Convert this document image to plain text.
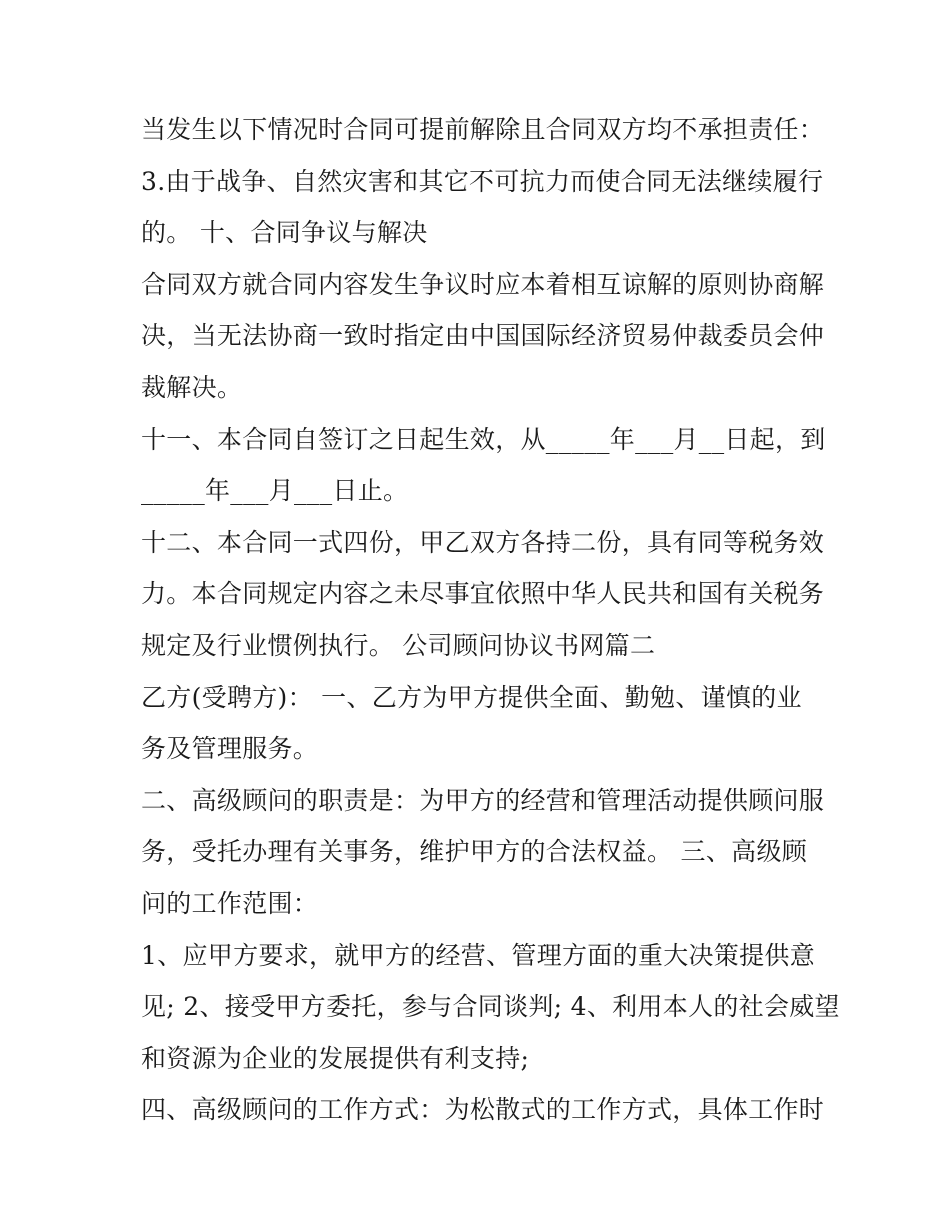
当发生以下情况时合同可提前解除且合同双方均不承担责任：
3.由于战争、自然灾害和其它不可抗力而使合同无法继续履行
的。 十、合同争议与解决
合同双方就合同内容发生争议时应本着相互谅解的原则协商解
决，当无法协商一致时指定由中国国际经济贸易仲裁委员会仲
裁解决。
十一、本合同自签订之日起生效，从_____年___月__日起，到
_____年___月___日止。
十二、本合同一式四份，甲乙双方各持二份，具有同等税务效
力。本合同规定内容之未尽事宜依照中华人民共和国有关税务
规定及行业惯例执行。 公司顾问协议书网篇二
乙方(受聘方)： 一、乙方为甲方提供全面、勤勉、谨慎的业
务及管理服务。
二、高级顾问的职责是：为甲方的经营和管理活动提供顾问服
务，受托办理有关事务，维护甲方的合法权益。 三、高级顾
问的工作范围：
1、应甲方要求，就甲方的经营、管理方面的重大决策提供意
见; 2、接受甲方委托，参与合同谈判; 4、利用本人的社会威望
和资源为企业的发展提供有利支持;
四、高级顾问的工作方式：为松散式的工作方式，具体工作时
